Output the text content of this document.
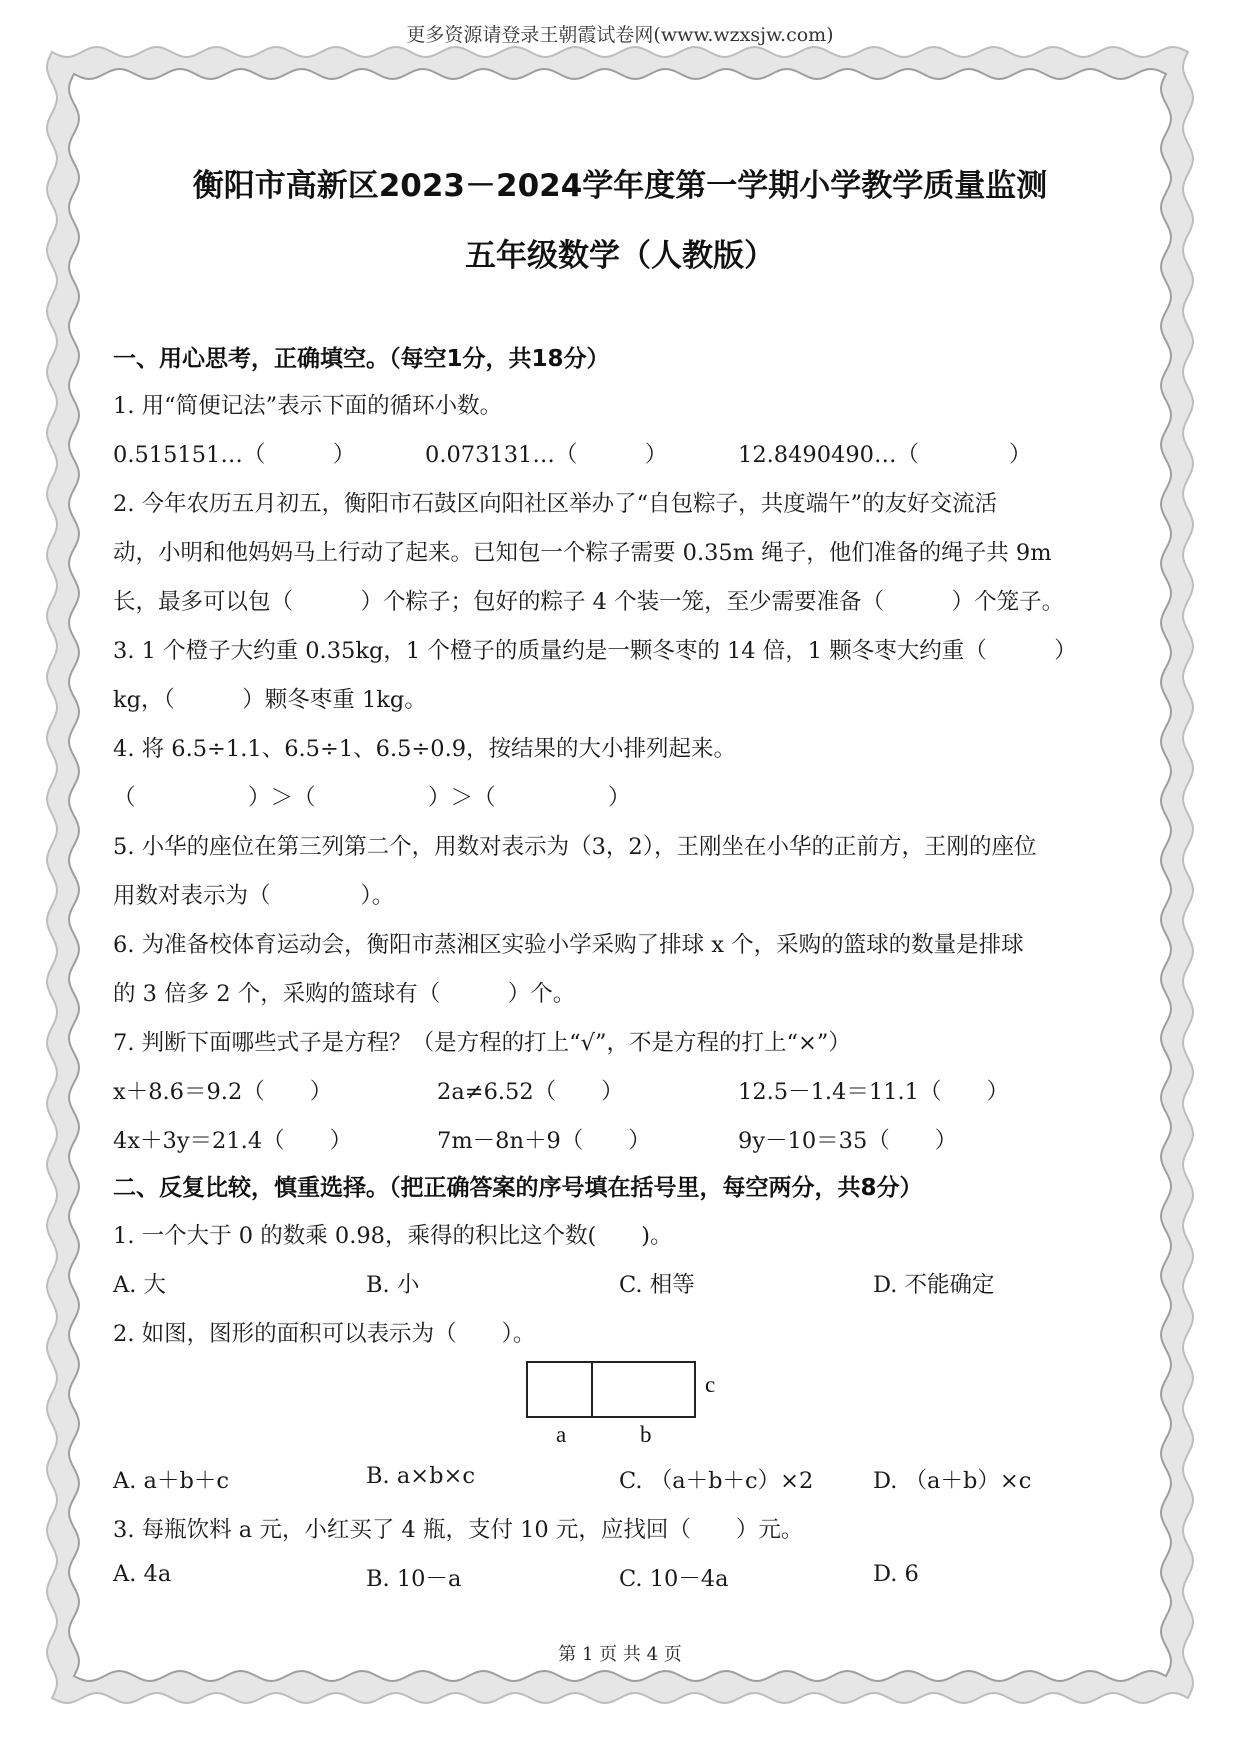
更多资源请登录王朝霞试卷网(www.wzxsjw.com)
衡阳市高新区2023－2024学年度第一学期小学教学质量监测
五年级数学（人教版）
一、用心思考，正确填空。（每空1分，共18分）
1. 用“简便记法”表示下面的循环小数。
0.515151…（　　　）	0.073131…（　　　）	12.8490490…（　　　　）
2. 今年农历五月初五，衡阳市石鼓区向阳社区举办了“自包粽子，共度端午”的友好交流活
动，小明和他妈妈马上行动了起来。已知包一个粽子需要 0.35m 绳子，他们准备的绳子共 9m
长，最多可以包（　　　）个粽子；包好的粽子 4 个装一笼，至少需要准备（　　　）个笼子。
3. 1 个橙子大约重 0.35kg，1 个橙子的质量约是一颗冬枣的 14 倍，1 颗冬枣大约重（　　　）
kg，（　　　）颗冬枣重 1kg。
4. 将 6.5÷1.1、6.5÷1、6.5÷0.9，按结果的大小排列起来。
（　　　　　）＞（　　　　　）＞（　　　　　）
5. 小华的座位在第三列第二个，用数对表示为（3，2），王刚坐在小华的正前方，王刚的座位
用数对表示为（　　　　）。
6. 为准备校体育运动会，衡阳市蒸湘区实验小学采购了排球 x 个，采购的篮球的数量是排球
的 3 倍多 2 个，采购的篮球有（　　　）个。
7. 判断下面哪些式子是方程？（是方程的打上“√”，不是方程的打上“×”）
x＋8.6＝9.2（　　）	2a≠6.52（　　）	12.5－1.4＝11.1（　　）
4x＋3y＝21.4（　　）	7m－8n＋9（　　）	9y－10＝35（　　）
二、反复比较，慎重选择。（把正确答案的序号填在括号里，每空两分，共8分）
1. 一个大于 0 的数乘 0.98，乘得的积比这个数(　　)。
A. 大	B. 小	C. 相等	D. 不能确定
2. 如图，图形的面积可以表示为（　　）。
a	b
c
A. a＋b＋c	B. a×b×c	C. （a＋b＋c）×2	D. （a＋b）×c
3. 每瓶饮料 a 元，小红买了 4 瓶，支付 10 元，应找回（　　）元。
A. 4a	B. 10－a	C. 10－4a	D. 6
第 1 页 共 4 页
